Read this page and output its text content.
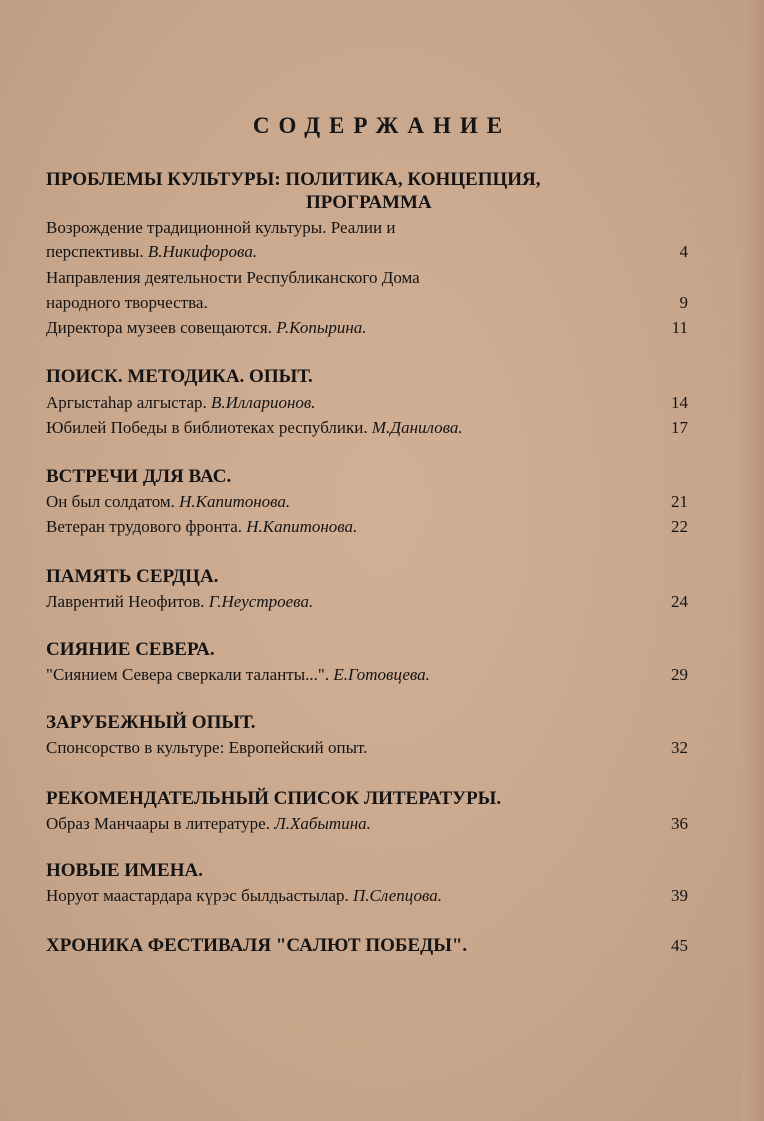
СОДЕРЖАНИЕ
ПРОБЛЕМЫ КУЛЬТУРЫ: ПОЛИТИКА, КОНЦЕПЦИЯ,
ПРОГРАММА
Возрождение традиционной культуры. Реалии и
перспективы. В.Никифорова.	4
Направления деятельности Республиканского Дома
народного творчества.	9
Директора музеев совещаются. Р.Копырина.	11
ПОИСК. МЕТОДИКА. ОПЫТ.
Аргыстаhар алгыстар. В.Илларионов.	14
Юбилей Победы в библиотеках республики. М.Данилова.	17
ВСТРЕЧИ ДЛЯ ВАС.
Он был солдатом. Н.Капитонова.	21
Ветеран трудового фронта. Н.Капитонова.	22
ПАМЯТЬ СЕРДЦА.
Лаврентий Неофитов. Г.Неустроева.	24
СИЯНИЕ СЕВЕРА.
"Сиянием Севера сверкали таланты...". Е.Готовцева.	29
ЗАРУБЕЖНЫЙ ОПЫТ.
Спонсорство в культуре: Европейский опыт.	32
РЕКОМЕНДАТЕЛЬНЫЙ СПИСОК ЛИТЕРАТУРЫ.
Образ Манчаары в литературе. Л.Хабытина.	36
НОВЫЕ ИМЕНА.
Норуот маастардара күрэс былдьастылар. П.Слепцова.	39
ХРОНИКА ФЕСТИВАЛЯ "САЛЮТ ПОБЕДЫ".	45
